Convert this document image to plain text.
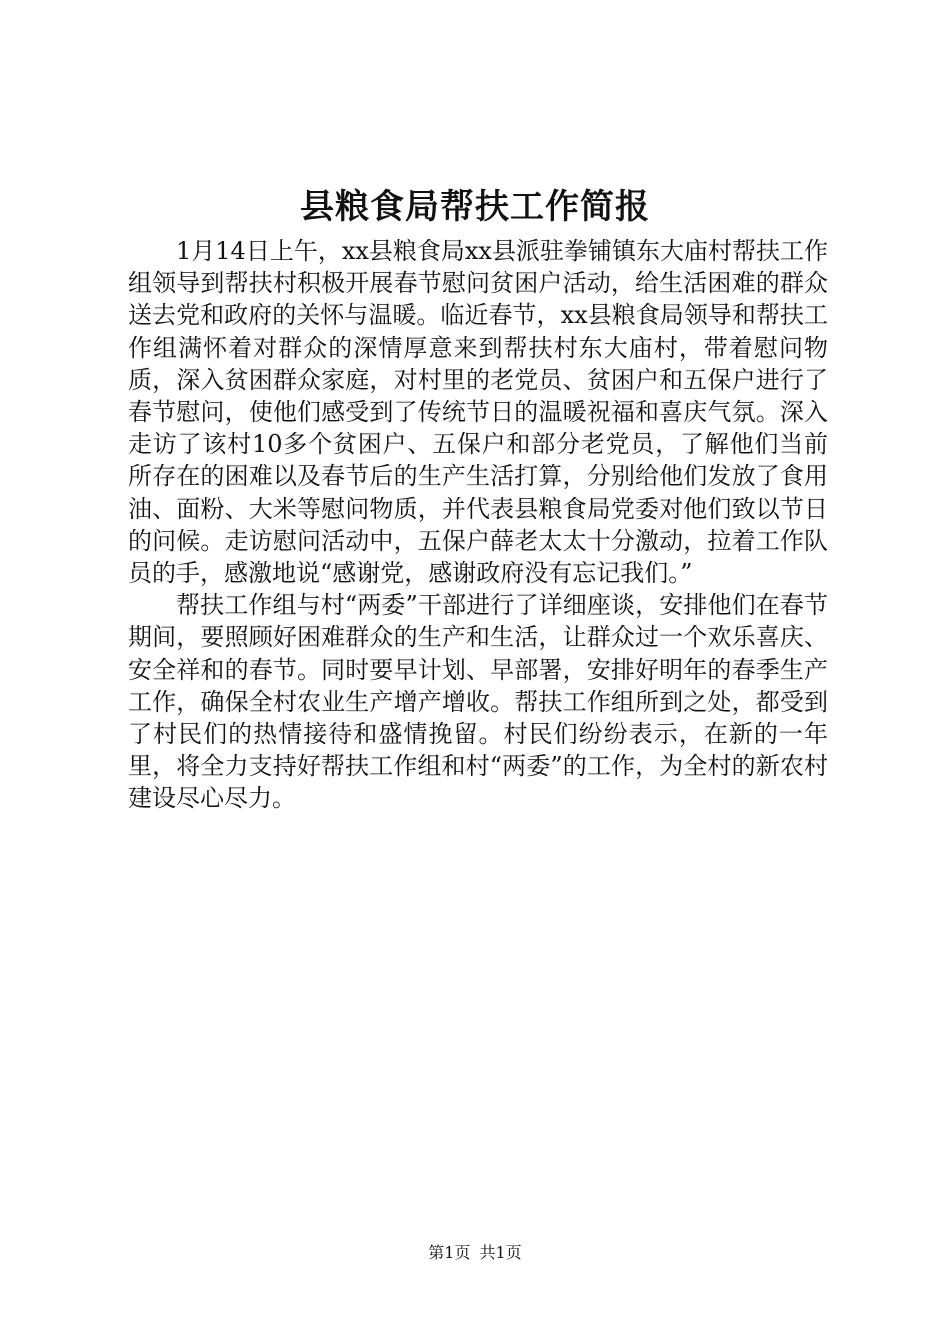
县粮食局帮扶工作简报

1月14日上午，xx县粮食局xx县派驻拳铺镇东大庙村帮扶工作组领导到帮扶村积极开展春节慰问贫困户活动，给生活困难的群众送去党和政府的关怀与温暖。临近春节，xx县粮食局领导和帮扶工作组满怀着对群众的深情厚意来到帮扶村东大庙村，带着慰问物质，深入贫困群众家庭，对村里的老党员、贫困户和五保户进行了春节慰问，使他们感受到了传统节日的温暖祝福和喜庆气氛。深入走访了该村10多个贫困户、五保户和部分老党员，了解他们当前所存在的困难以及春节后的生产生活打算，分别给他们发放了食用油、面粉、大米等慰问物质，并代表县粮食局党委对他们致以节日的问候。走访慰问活动中，五保户薛老太太十分激动，拉着工作队员的手，感激地说“感谢党，感谢政府没有忘记我们。”

帮扶工作组与村“两委”干部进行了详细座谈，安排他们在春节期间，要照顾好困难群众的生产和生活，让群众过一个欢乐喜庆、安全祥和的春节。同时要早计划、早部署，安排好明年的春季生产工作，确保全村农业生产增产增收。帮扶工作组所到之处，都受到了村民们的热情接待和盛情挽留。村民们纷纷表示，在新的一年里，将全力支持好帮扶工作组和村“两委”的工作，为全村的新农村建设尽心尽力。

第1页 共1页
